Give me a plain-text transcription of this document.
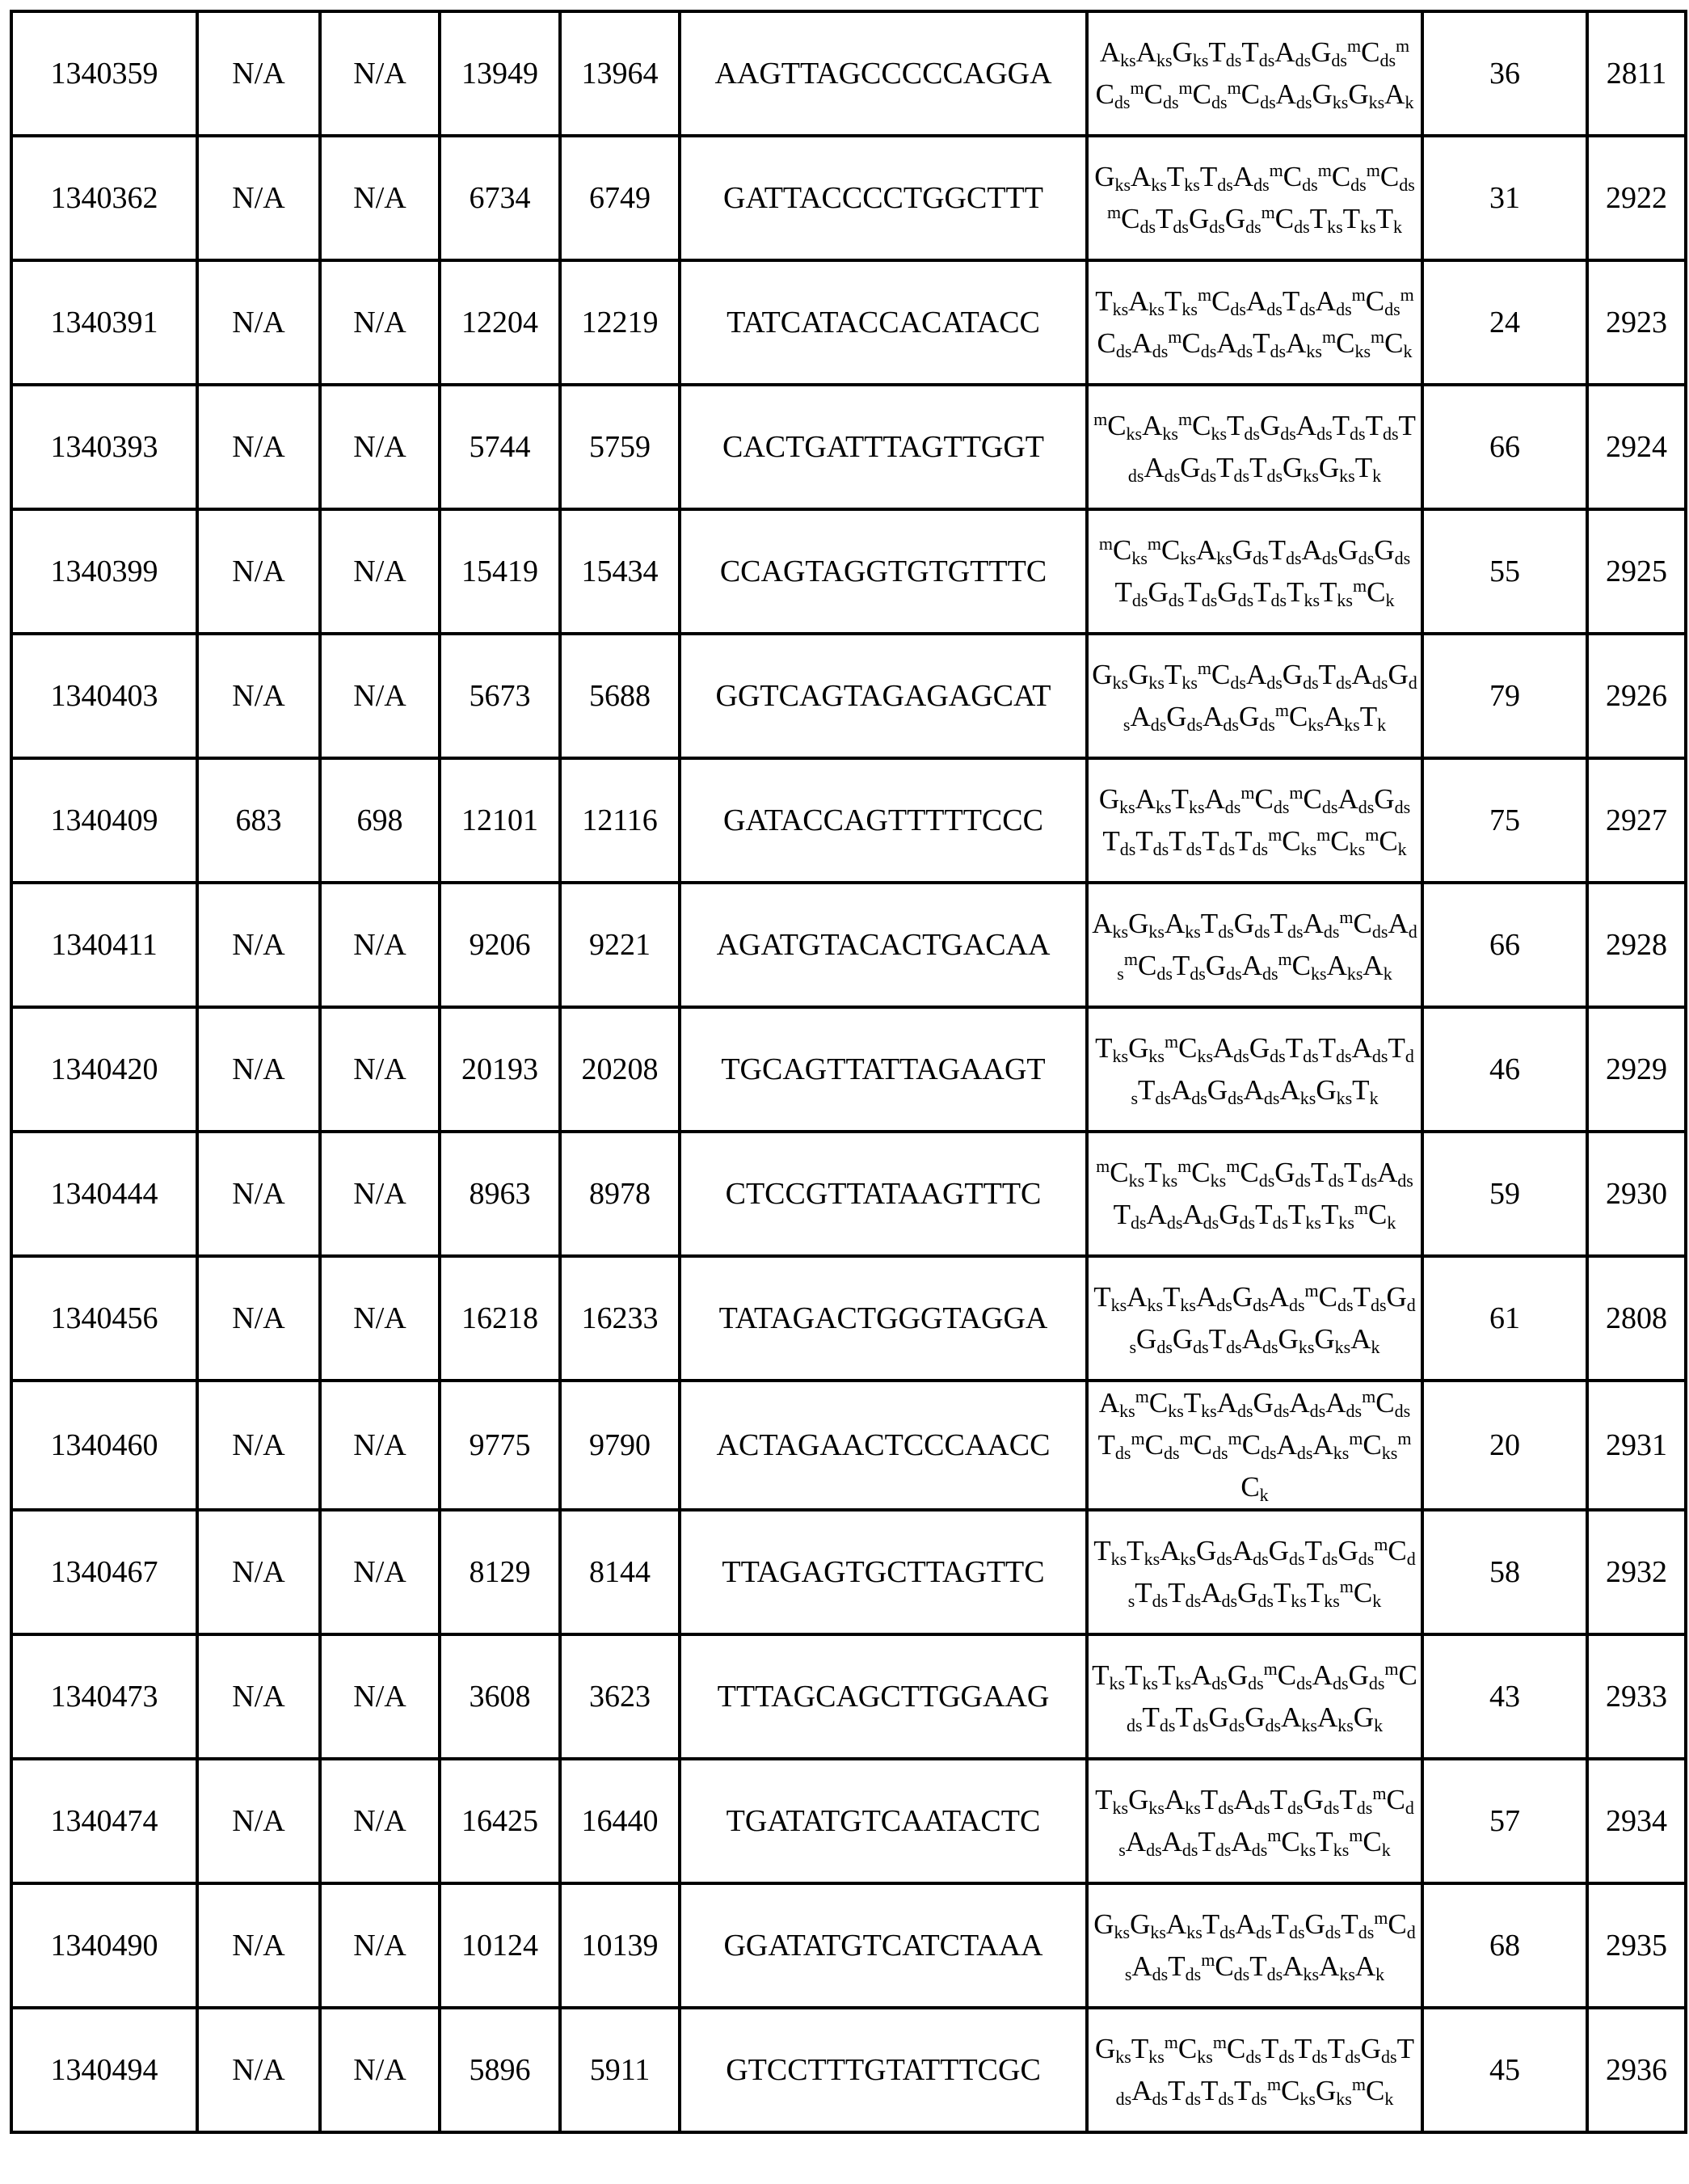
1340359	N/A	N/A	13949	13964	AAGTTAGCCCCCAGGA	AksAksGksTdsTdsAdsGdsmCdsmCdsmCdsmCdsmCdsAdsGksGksAk	36	2811
1340362	N/A	N/A	6734	6749	GATTACCCCTGGCTTT	GksAksTksTdsAdsmCdsmCdsmCdsmCdsTdsGdsGdsmCdsTksTksTk	31	2922
1340391	N/A	N/A	12204	12219	TATCATACCACATACC	TksAksTksmCdsAdsTdsAdsmCdsmCdsAdsmCdsAdsTdsAksmCksmCk	24	2923
1340393	N/A	N/A	5744	5759	CACTGATTTAGTTGGT	mCksAksmCksTdsGdsAdsTdsTdsTdsAdsGdsTdsTdsGksGksTk	66	2924
1340399	N/A	N/A	15419	15434	CCAGTAGGTGTGTTTC	mCksmCksAksGdsTdsAdsGdsGdsTdsGdsTdsGdsTdsTksTksmCk	55	2925
1340403	N/A	N/A	5673	5688	GGTCAGTAGAGAGCAT	GksGksTksmCdsAdsGdsTdsAdsGdsAdsGdsAdsGdsmCksAksTk	79	2926
1340409	683	698	12101	12116	GATACCAGTTTTTCCC	GksAksTksAdsmCdsmCdsAdsGdsTdsTdsTdsTdsTdsmCksmCksmCk	75	2927
1340411	N/A	N/A	9206	9221	AGATGTACACTGACAA	AksGksAksTdsGdsTdsAdsmCdsAdsmCdsTdsGdsAdsmCksAksAk	66	2928
1340420	N/A	N/A	20193	20208	TGCAGTTATTAGAAGT	TksGksmCksAdsGdsTdsTdsAdsTdsTdsAdsGdsAdsAksGksTk	46	2929
1340444	N/A	N/A	8963	8978	CTCCGTTATAAGTTTC	mCksTksmCksmCdsGdsTdsTdsAdsTdsAdsAdsGdsTdsTksTksmCk	59	2930
1340456	N/A	N/A	16218	16233	TATAGACTGGGTAGGA	TksAksTksAdsGdsAdsmCdsTdsGdsGdsGdsTdsAdsGksGksAk	61	2808
1340460	N/A	N/A	9775	9790	ACTAGAACTCCCAACC	AksmCksTksAdsGdsAdsAdsmCdsTdsmCdsmCdsmCdsAdsAksmCksmCk	20	2931
1340467	N/A	N/A	8129	8144	TTAGAGTGCTTAGTTC	TksTksAksGdsAdsGdsTdsGdsmCdsTdsTdsAdsGdsTksTksmCk	58	2932
1340473	N/A	N/A	3608	3623	TTTAGCAGCTTGGAAG	TksTksTksAdsGdsmCdsAdsGdsmCdsTdsTdsGdsGdsAksAksGk	43	2933
1340474	N/A	N/A	16425	16440	TGATATGTCAATACTC	TksGksAksTdsAdsTdsGdsTdsmCdsAdsAdsTdsAdsmCksTksmCk	57	2934
1340490	N/A	N/A	10124	10139	GGATATGTCATCTAAA	GksGksAksTdsAdsTdsGdsTdsmCdsAdsTdsmCdsTdsAksAksAk	68	2935
1340494	N/A	N/A	5896	5911	GTCCTTTGTATTTCGC	GksTksmCksmCdsTdsTdsTdsGdsTdsAdsTdsTdsTdsmCksGksmCk	45	2936
